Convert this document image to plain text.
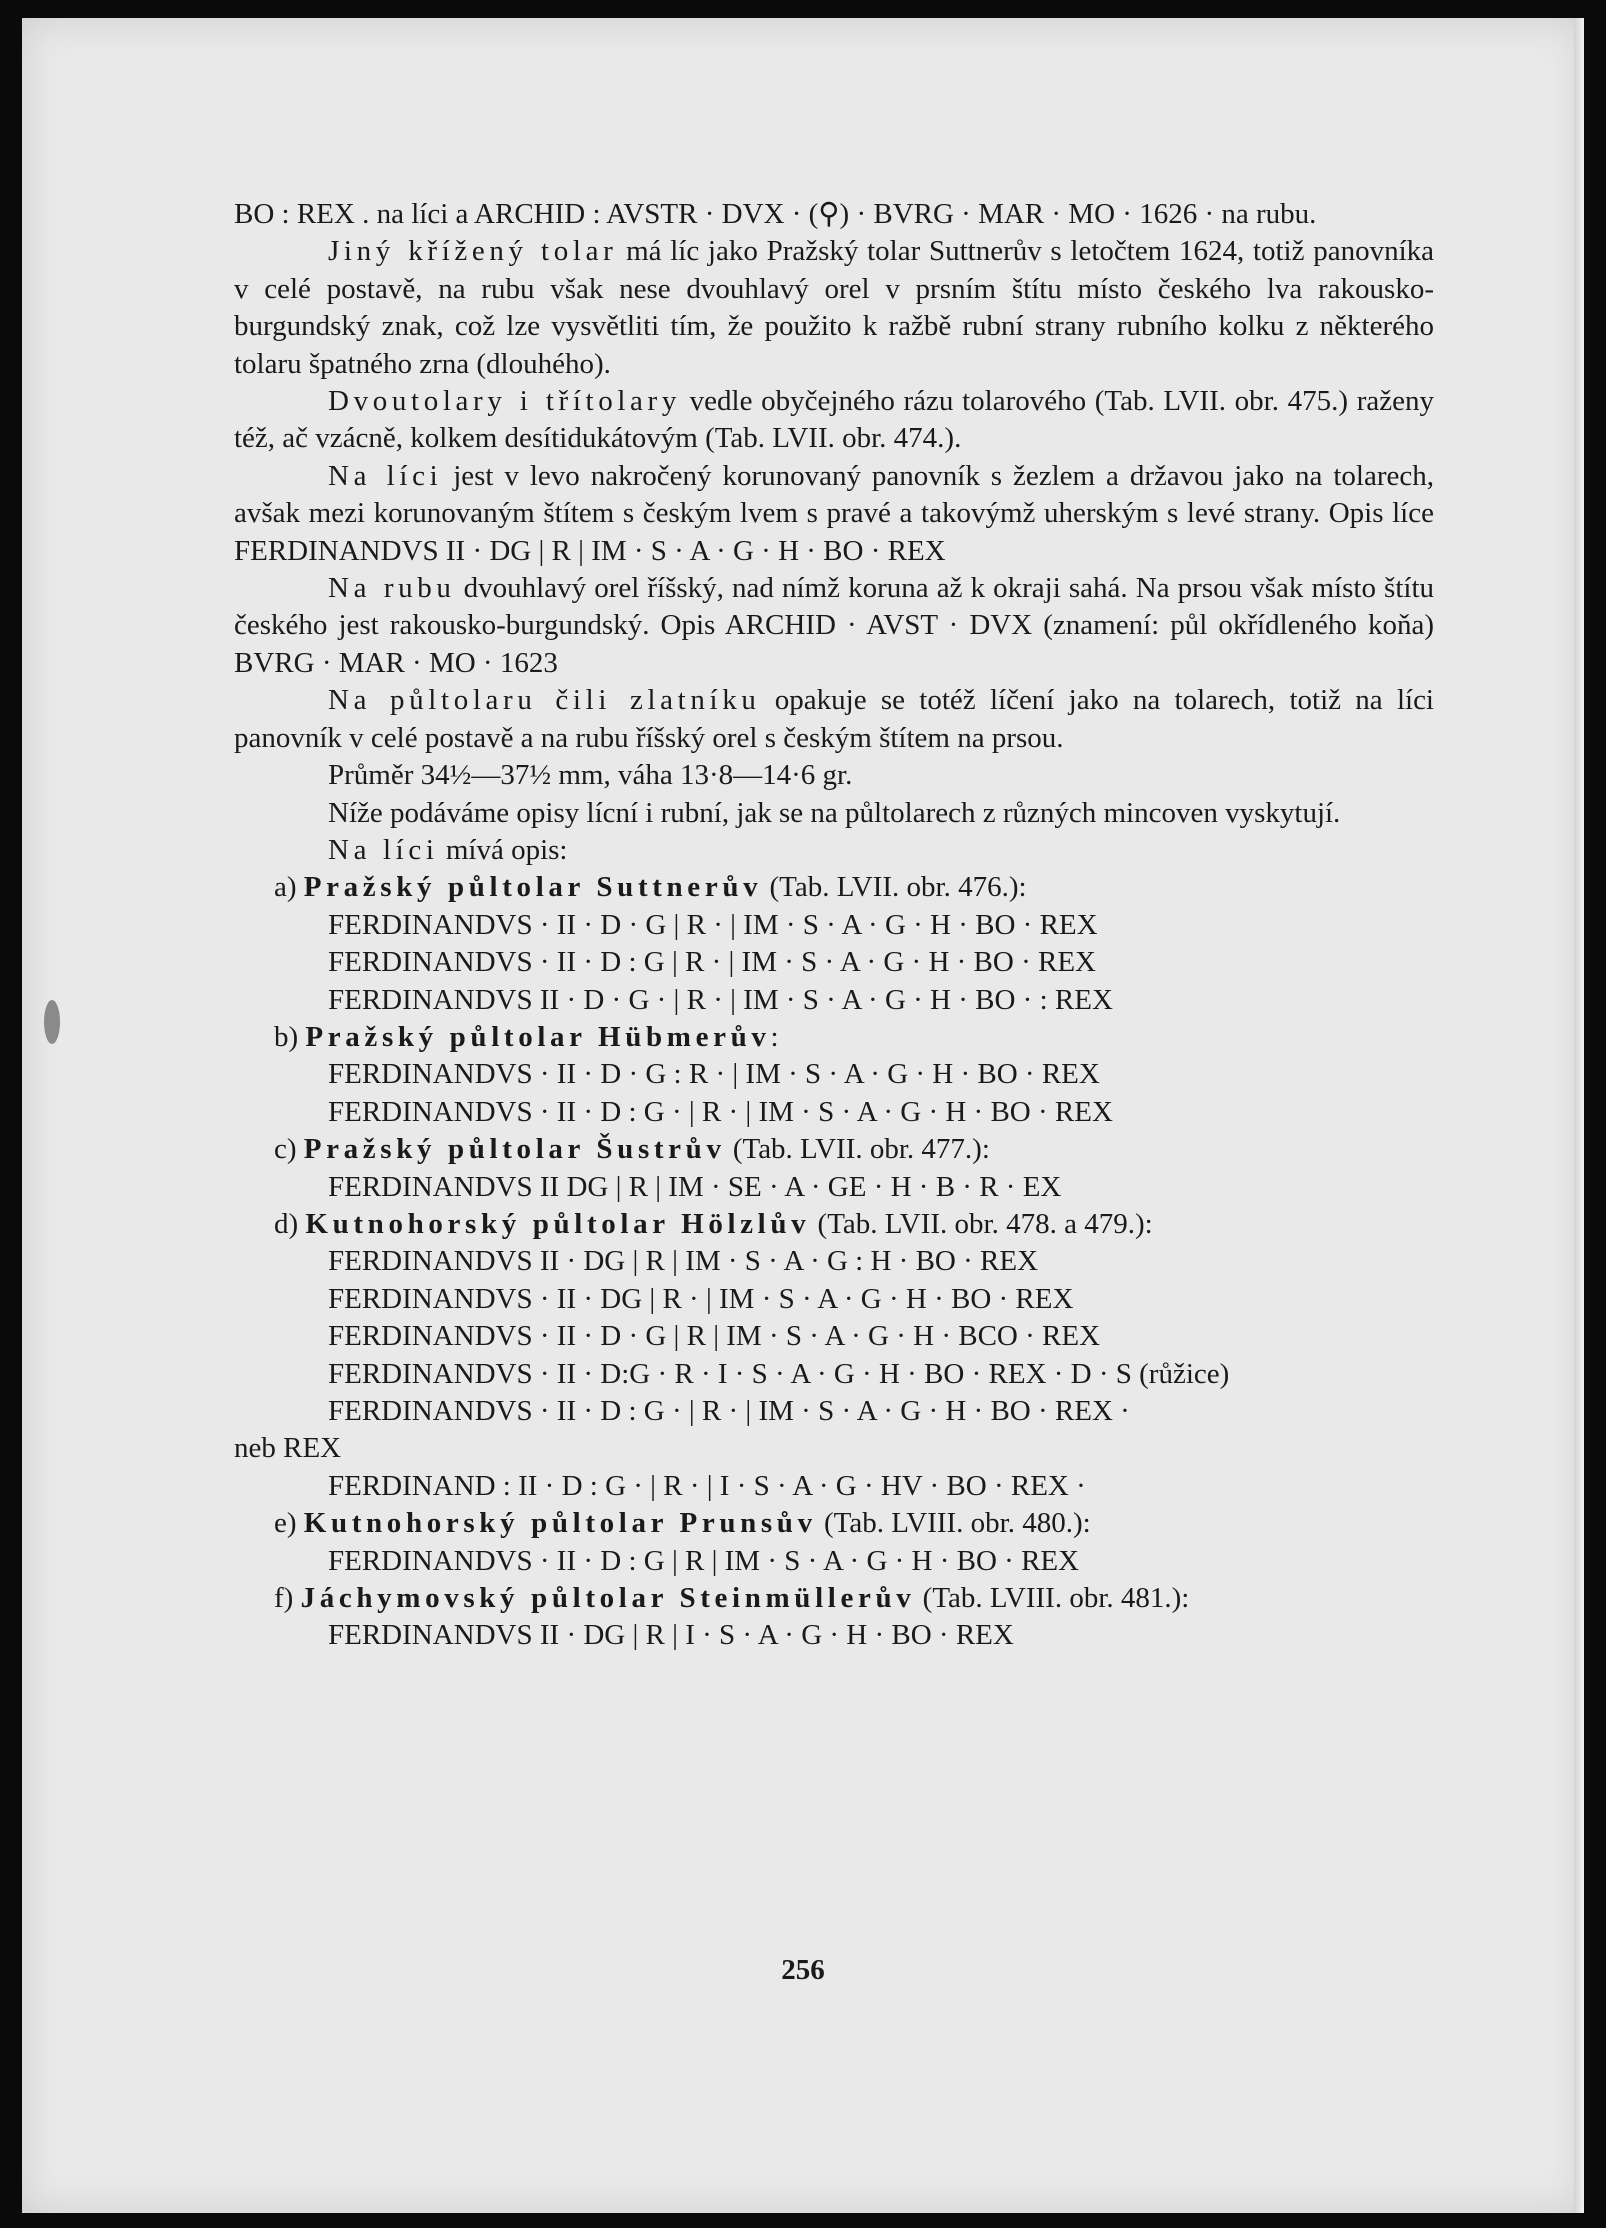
BO : REX . na líci a ARCHID : AVSTR · DVX · (⚲) · BVRG · MAR · MO · 1626 · na rubu.

Jiný křížený tolar má líc jako Pražský tolar Suttnerův s letočtem 1624, totiž panovníka v celé postavě, na rubu však nese dvouhlavý orel v prsním štítu místo českého lva rakousko-burgundský znak, což lze vysvětliti tím, že použito k ražbě rubní strany rubního kolku z některého tolaru špatného zrna (dlouhého).

Dvoutolary i třítolary vedle obyčejného rázu tolarového (Tab. LVII. obr. 475.) raženy též, ač vzácně, kolkem desítidukátovým (Tab. LVII. obr. 474.).

Na líci jest v levo nakročený korunovaný panovník s žezlem a državou jako na tolarech, avšak mezi korunovaným štítem s českým lvem s pravé a takovýmž uherským s levé strany. Opis líce FERDINANDVS II · DG | R | IM · S · A · G · H · BO · REX

Na rubu dvouhlavý orel říšský, nad nímž koruna až k okraji sahá. Na prsou však místo štítu českého jest rakousko-burgundský. Opis ARCHID · AVST · DVX (znamení: půl okřídleného koňa) BVRG · MAR · MO · 1623

Na půltolaru čili zlatníku opakuje se totéž líčení jako na tolarech, totiž na líci panovník v celé postavě a na rubu říšský orel s českým štítem na prsou.

Průměr 34½—37½ mm, váha 13·8—14·6 gr.

Níže podáváme opisy lícní i rubní, jak se na půltolarech z různých mincoven vyskytují.

Na líci mívá opis:

a) Pražský půltolar Suttnerův (Tab. LVII. obr. 476.):

FERDINANDVS · II · D · G | R · | IM · S · A · G · H · BO · REX

FERDINANDVS · II · D : G | R · | IM · S · A · G · H · BO · REX

FERDINANDVS II · D · G · | R · | IM · S · A · G · H · BO · : REX

b) Pražský půltolar Hübmerův:

FERDINANDVS · II · D · G : R · | IM · S · A · G · H · BO · REX

FERDINANDVS · II · D : G · | R · | IM · S · A · G · H · BO · REX

c) Pražský půltolar Šustrův (Tab. LVII. obr. 477.):

FERDINANDVS II DG | R | IM · SE · A · GE · H · B · R · EX

d) Kutnohorský půltolar Hölzlův (Tab. LVII. obr. 478. a 479.):

FERDINANDVS II · DG | R | IM · S · A · G : H · BO · REX

FERDINANDVS · II · DG | R · | IM · S · A · G · H · BO · REX

FERDINANDVS · II · D · G | R | IM · S · A · G · H · BCO · REX

FERDINANDVS · II · D:G · R · I · S · A · G · H · BO · REX · D · S (růžice)

FERDINANDVS · II · D : G · | R · | IM · S · A · G · H · BO · REX ·

neb REX

FERDINAND : II · D : G · | R · | I · S · A · G · HV · BO · REX ·

e) Kutnohorský půltolar Prunsův (Tab. LVIII. obr. 480.):

FERDINANDVS · II · D : G | R | IM · S · A · G · H · BO · REX

f) Jáchymovský půltolar Steinmüllerův (Tab. LVIII. obr. 481.):

FERDINANDVS II · DG | R | I · S · A · G · H · BO · REX

256
